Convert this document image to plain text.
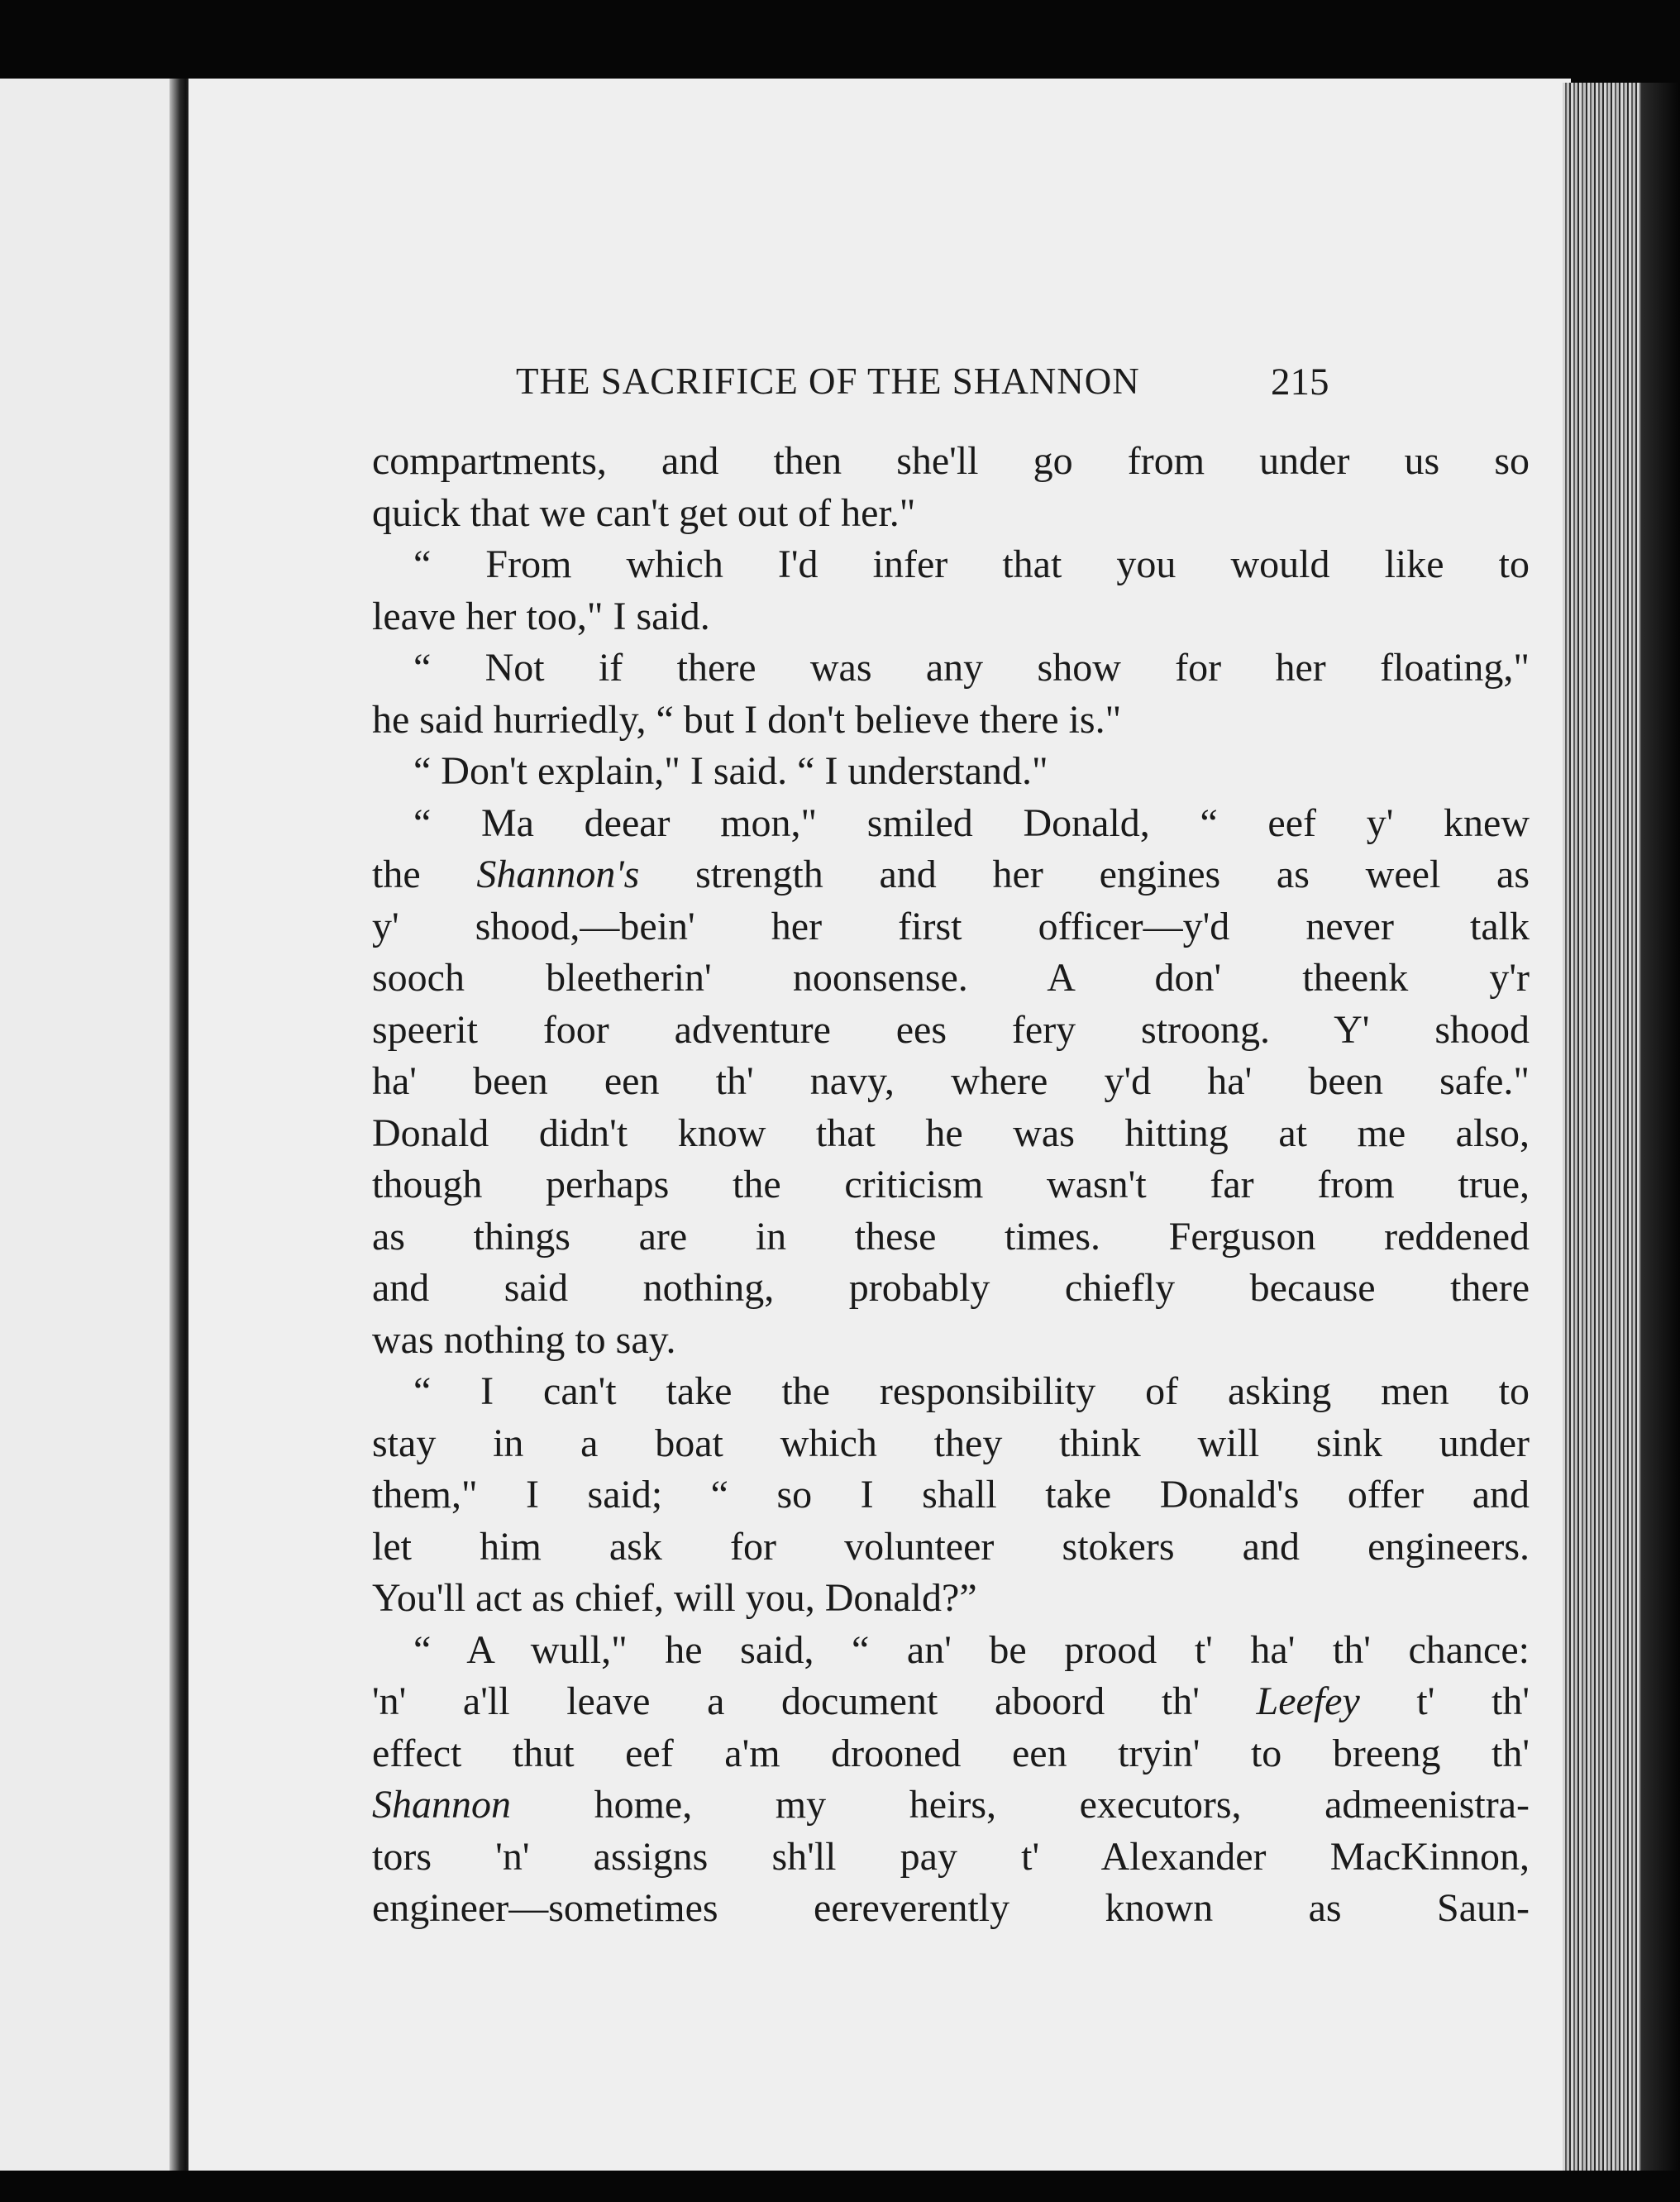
THE SACRIFICE OF THE SHANNON	215
compartments, and then she'll go from under us so
quick that we can't get out of her."
“ From which I'd infer that you would like to
leave her too," I said.
“ Not if there was any show for her floating,"
he said hurriedly, “ but I don't believe there is."
“ Don't explain," I said. “ I understand."
“ Ma deear mon," smiled Donald, “ eef y' knew
the Shannon's strength and her engines as weel as
y' shood,—bein' her first officer—y'd never talk
sooch bleetherin' noonsense. A don' theenk y'r
speerit foor adventure ees fery stroong. Y' shood
ha' been een th' navy, where y'd ha' been safe."
Donald didn't know that he was hitting at me also,
though perhaps the criticism wasn't far from true,
as things are in these times. Ferguson reddened
and said nothing, probably chiefly because there
was nothing to say.
“ I can't take the responsibility of asking men to
stay in a boat which they think will sink under
them," I said; “ so I shall take Donald's offer and
let him ask for volunteer stokers and engineers.
You'll act as chief, will you, Donald?”
“ A wull," he said, “ an' be prood t' ha' th' chance:
'n' a'll leave a document aboord th' Leefey t' th'
effect thut eef a'm drooned een tryin' to breeng th'
Shannon home, my heirs, executors, admeenistra-
tors 'n' assigns sh'll pay t' Alexander MacKinnon,
engineer—sometimes eereverently known as Saun-
